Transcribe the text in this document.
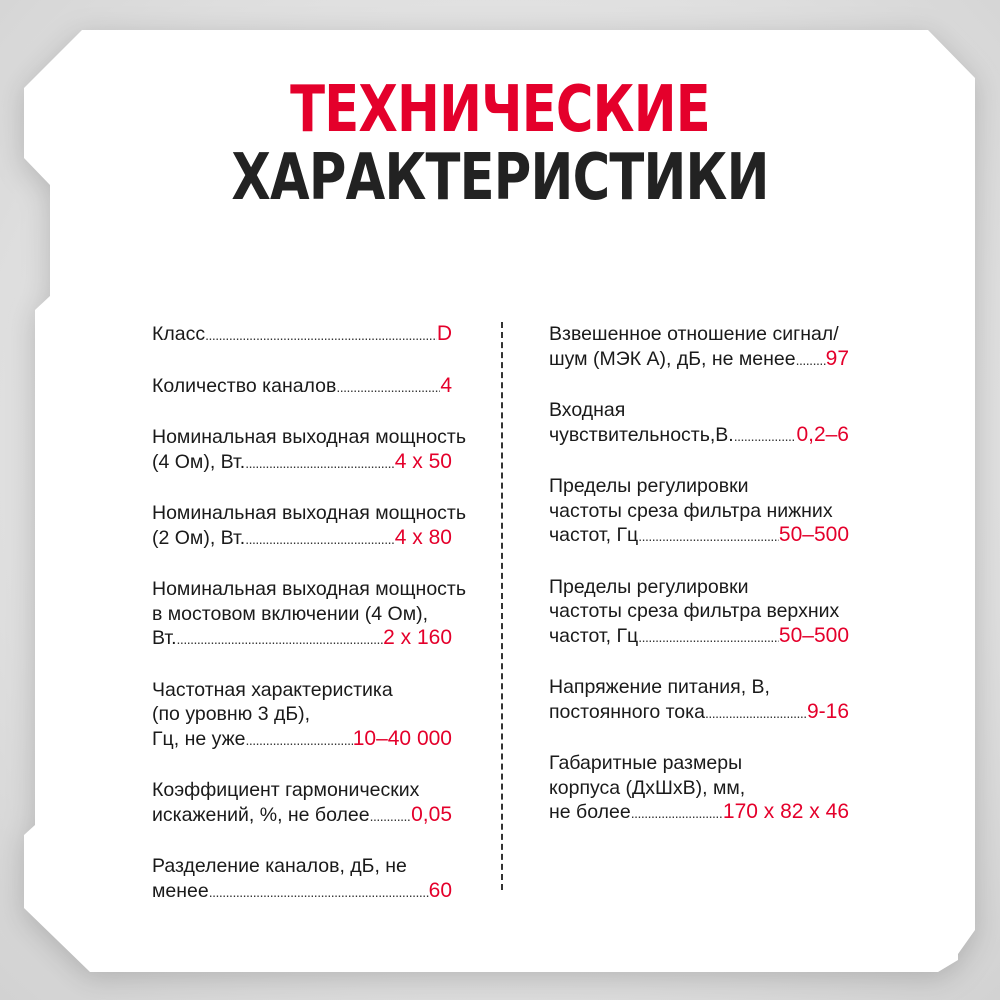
ТЕХНИЧЕСКИЕ
ХАРАКТЕРИСТИКИ
Класс .....	D
Количество каналов .....	4
Номинальная выходная мощность
(4 Ом), Вт. .....	4 х 50
Номинальная выходная мощность
(2 Ом), Вт. .....	4 х 80
Номинальная выходная мощность
в мостовом включении (4 Ом),
Вт. .....	2 х 160
Частотная характеристика
(по уровню 3 дБ),
Гц, не уже .....	10–40 000
Коэффициент гармонических
искажений, %, не более ..... 0,05
Разделение каналов, дБ, не
менее .....	60
Взвешенное отношение сигнал/
шум (МЭК А), дБ, не менее ..... 97
Входная
чувствительность,В. .....	0,2–6
Пределы регулировки
частоты среза фильтра нижних
частот, Гц .....	50–500
Пределы регулировки
частоты среза фильтра верхних
частот, Гц .....	50–500
Напряжение питания, В,
постоянного тока .....	9-16
Габаритные размеры
корпуса (ДхШхВ), мм,
не более .....	170 х 82 х 46
